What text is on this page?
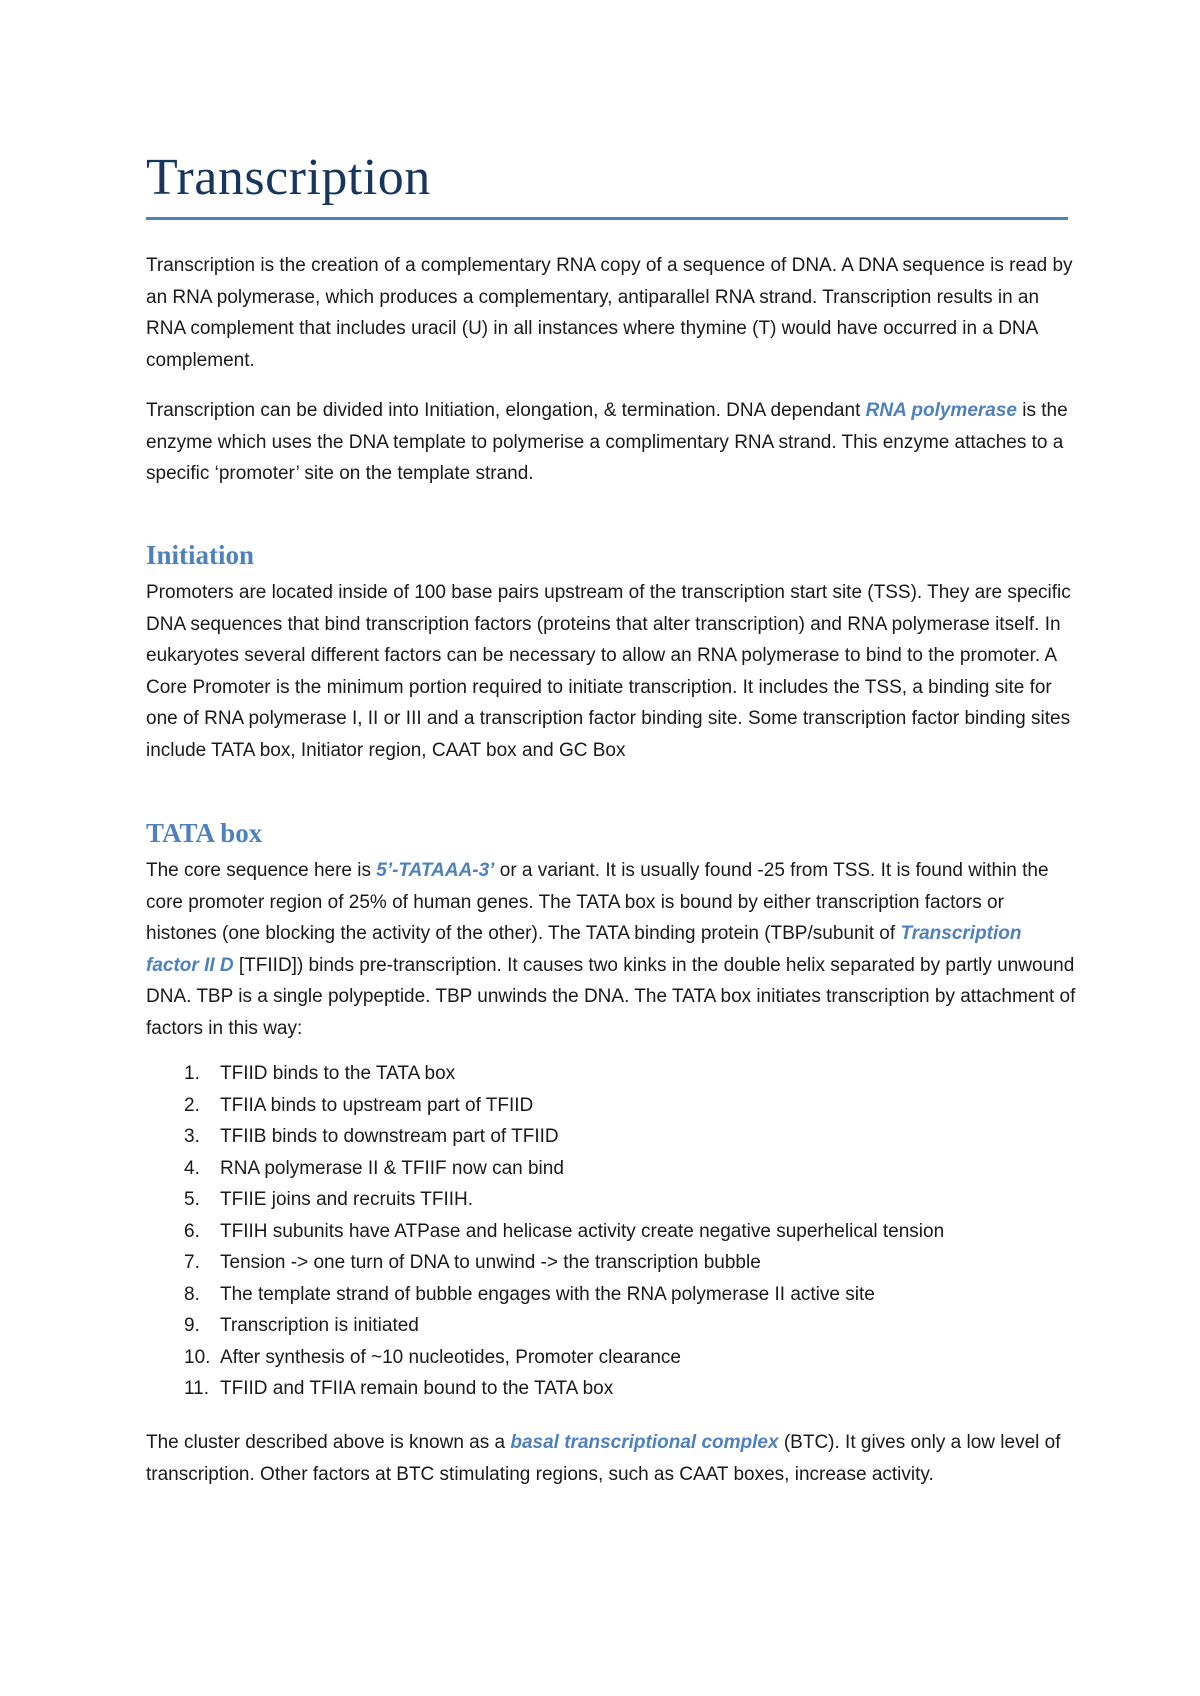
Transcription

Transcription is the creation of a complementary RNA copy of a sequence of DNA. A DNA sequence is read by an RNA polymerase, which produces a complementary, antiparallel RNA strand. Transcription results in an RNA complement that includes uracil (U) in all instances where thymine (T) would have occurred in a DNA complement.

Transcription can be divided into Initiation, elongation, & termination. DNA dependant RNA polymerase is the enzyme which uses the DNA template to polymerise a complimentary RNA strand. This enzyme attaches to a specific ‘promoter’ site on the template strand.

Initiation

Promoters are located inside of 100 base pairs upstream of the transcription start site (TSS). They are specific DNA sequences that bind transcription factors (proteins that alter transcription) and RNA polymerase itself. In eukaryotes several different factors can be necessary to allow an RNA polymerase to bind to the promoter. A Core Promoter is the minimum portion required to initiate transcription. It includes the TSS, a binding site for one of RNA polymerase I, II or III and a transcription factor binding site. Some transcription factor binding sites include TATA box, Initiator region, CAAT box and GC Box

TATA box

The core sequence here is 5’-TATAAA-3’ or a variant. It is usually found -25 from TSS. It is found within the core promoter region of 25% of human genes. The TATA box is bound by either transcription factors or histones (one blocking the activity of the other). The TATA binding protein (TBP/subunit of Transcription factor II D [TFIID]) binds pre-transcription. It causes two kinks in the double helix separated by partly unwound DNA. TBP is a single polypeptide. TBP unwinds the DNA. The TATA box initiates transcription by attachment of factors in this way:

1.	TFIID binds to the TATA box
2.	TFIIA binds to upstream part of TFIID
3.	TFIIB binds to downstream part of TFIID
4.	RNA polymerase II & TFIIF now can bind
5.	TFIIE joins and recruits TFIIH.
6.	TFIIH subunits have ATPase and helicase activity create negative superhelical tension
7.	Tension -> one turn of DNA to unwind -> the transcription bubble
8.	The template strand of bubble engages with the RNA polymerase II active site
9.	Transcription is initiated
10. After synthesis of ~10 nucleotides, Promoter clearance
11. TFIID and TFIIA remain bound to the TATA box

The cluster described above is known as a basal transcriptional complex (BTC). It gives only a low level of transcription. Other factors at BTC stimulating regions, such as CAAT boxes, increase activity.
